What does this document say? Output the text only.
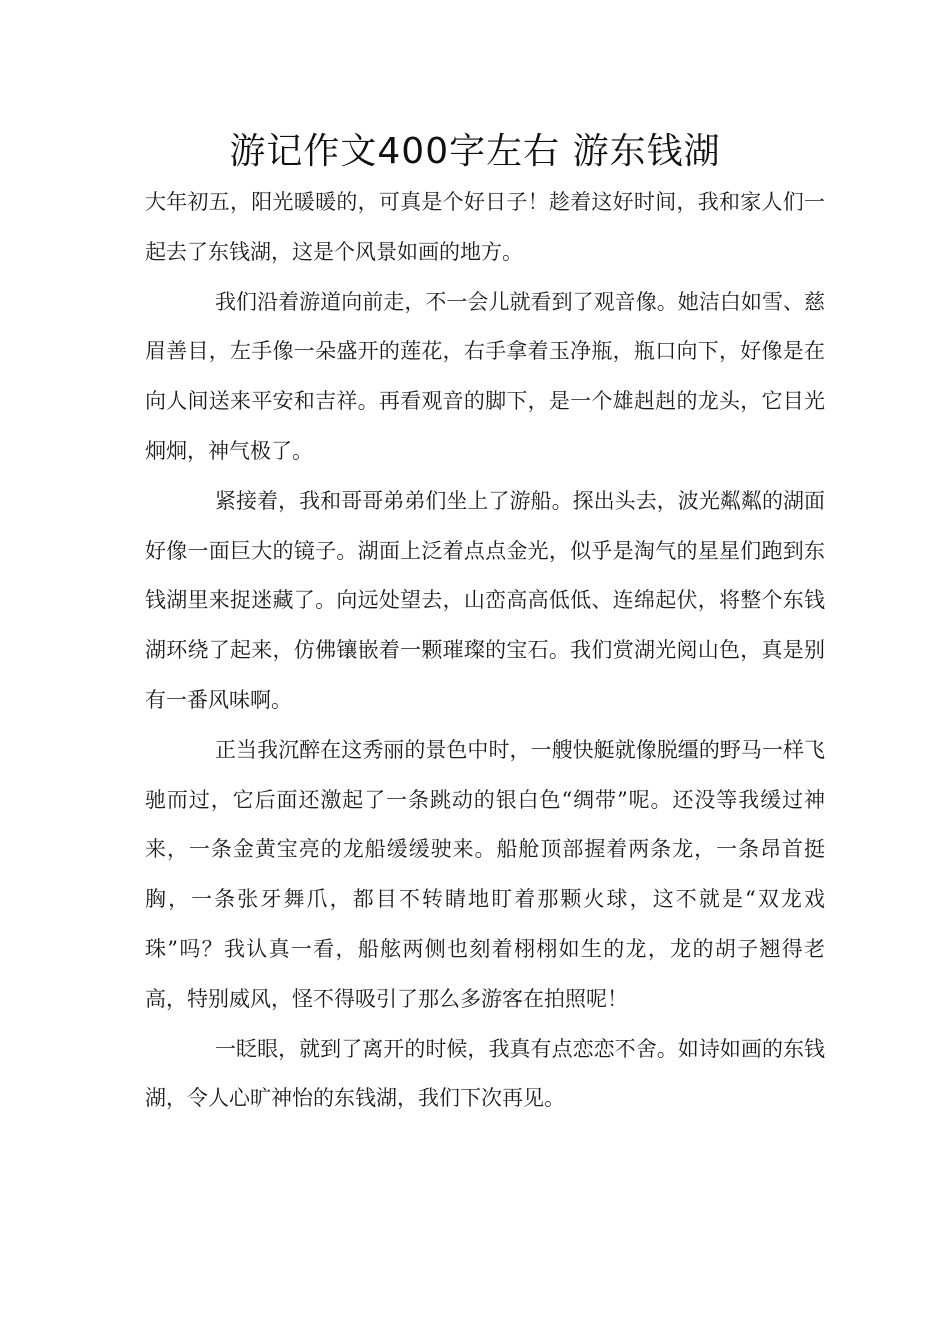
游记作文400字左右 游东钱湖

大年初五，阳光暖暖的，可真是个好日子！趁着这好时间，我和家人们一起去了东钱湖，这是个风景如画的地方。

我们沿着游道向前走，不一会儿就看到了观音像。她洁白如雪、慈眉善目，左手像一朵盛开的莲花，右手拿着玉净瓶，瓶口向下，好像是在向人间送来平安和吉祥。再看观音的脚下，是一个雄赳赳的龙头，它目光炯炯，神气极了。

紧接着，我和哥哥弟弟们坐上了游船。探出头去，波光粼粼的湖面好像一面巨大的镜子。湖面上泛着点点金光，似乎是淘气的星星们跑到东钱湖里来捉迷藏了。向远处望去，山峦高高低低、连绵起伏，将整个东钱湖环绕了起来，仿佛镶嵌着一颗璀璨的宝石。我们赏湖光阅山色，真是别有一番风味啊。

正当我沉醉在这秀丽的景色中时，一艘快艇就像脱缰的野马一样飞驰而过，它后面还激起了一条跳动的银白色“绸带”呢。还没等我缓过神来，一条金黄宝亮的龙船缓缓驶来。船舱顶部握着两条龙，一条昂首挺胸，一条张牙舞爪，都目不转睛地盯着那颗火球，这不就是“双龙戏珠”吗？我认真一看，船舷两侧也刻着栩栩如生的龙，龙的胡子翘得老高，特别威风，怪不得吸引了那么多游客在拍照呢！

一眨眼，就到了离开的时候，我真有点恋恋不舍。如诗如画的东钱湖，令人心旷神怡的东钱湖，我们下次再见。
